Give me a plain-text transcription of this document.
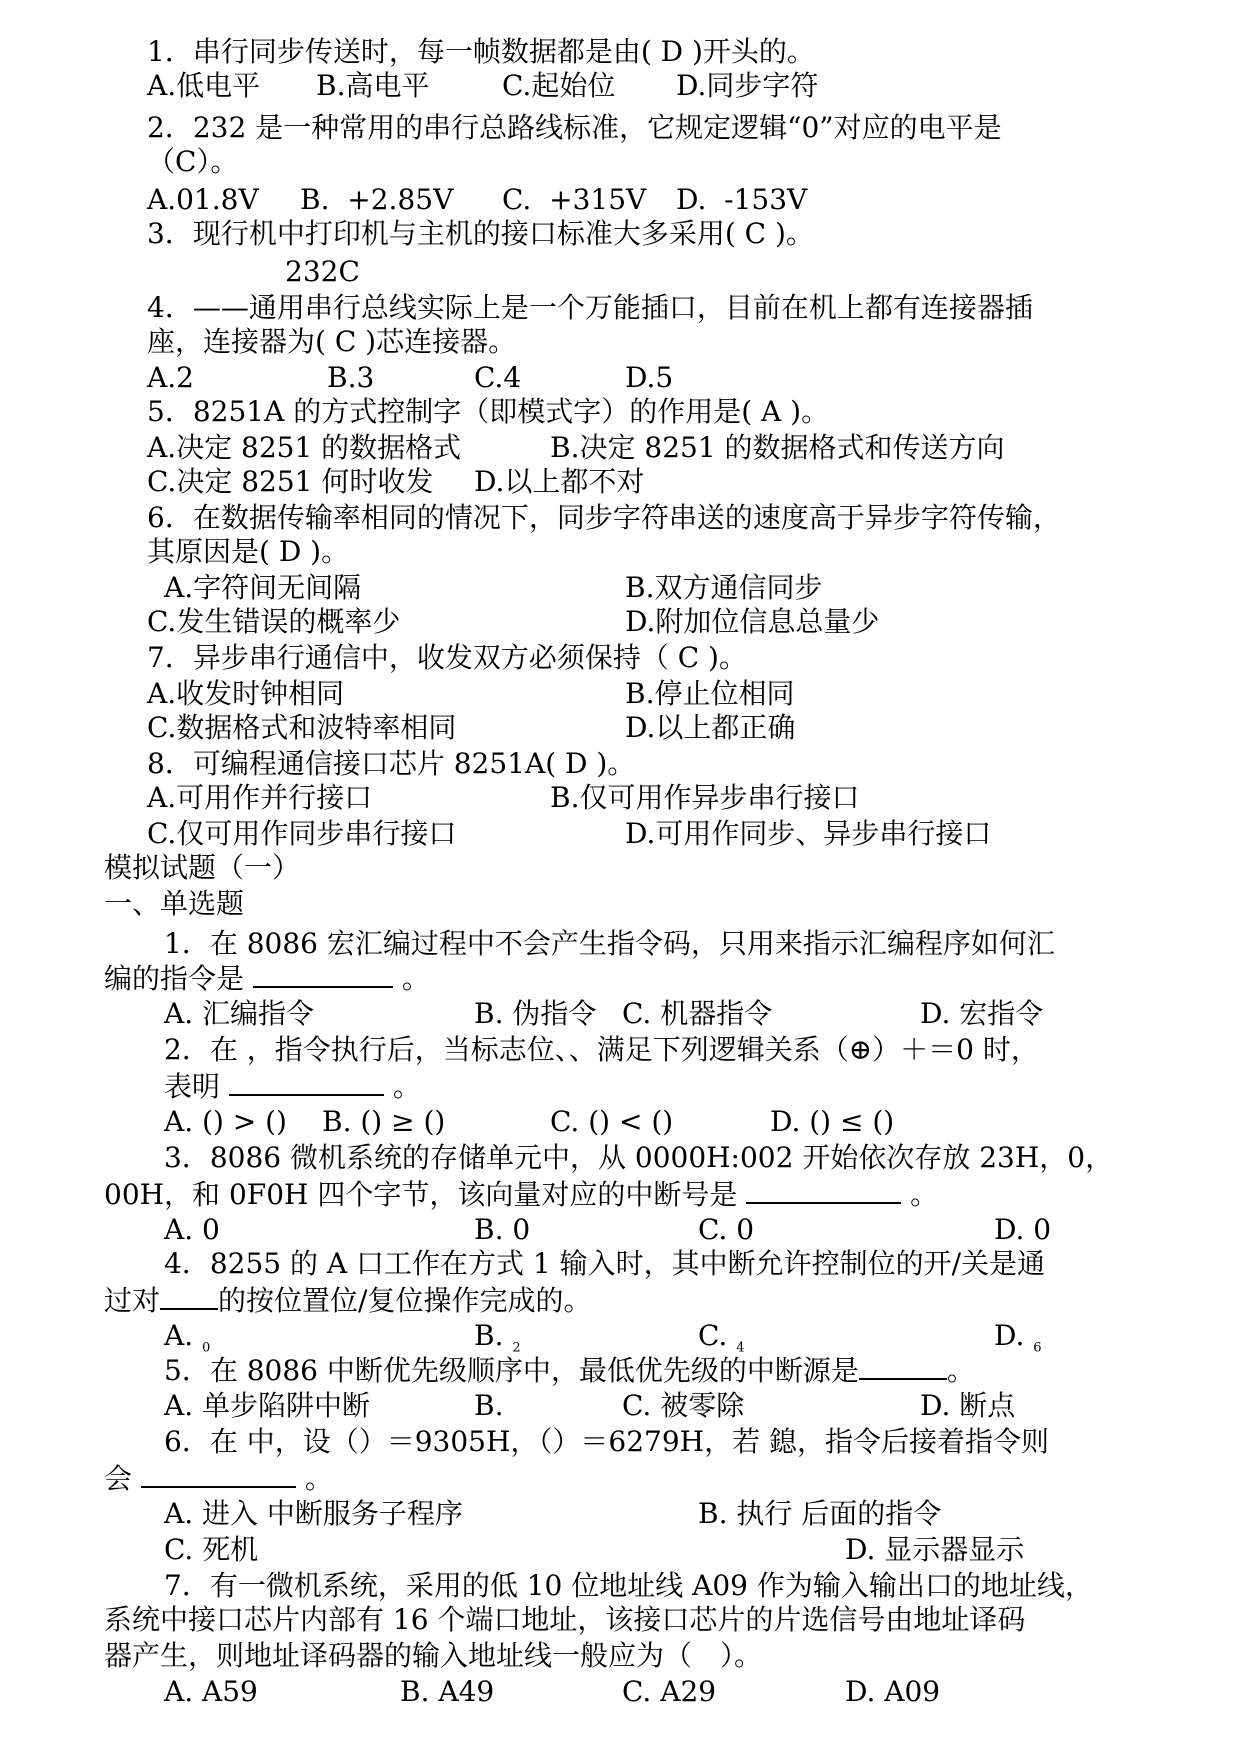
1．串行同步传送时，每一帧数据都是由( D )开头的。
A.低电平 B.高电平	C.起始位 D.同步字符
2．232 是一种常用的串行总路线标准，它规定逻辑“0”对应的电平是
（C）。
A.01.8V B.  +2.85V C.  +315V D.  -153V
3．现行机中打印机与主机的接口标准大多采用( C )。
232C
4．——通用串行总线实际上是一个万能插口，目前在机上都有连接器插
座，连接器为( C )芯连接器。
A.2	B.3	C.4	D.5
5．8251A 的方式控制字（即模式字）的作用是( A )。
A.决定 8251 的数据格式	B.决定 8251 的数据格式和传送方向
C.决定 8251 何时收发 D.以上都不对
6．在数据传输率相同的情况下，同步字符串送的速度高于异步字符传输，
其原因是( D )。
A.字符间无间隔	B.双方通信同步
C.发生错误的概率少	D.附加位信息总量少
7．异步串行通信中，收发双方必须保持（ C )。
A.收发时钟相同	B.停止位相同
C.数据格式和波特率相同	D.以上都正确
8．可编程通信接口芯片 8251A( D )。
A.可用作并行接口	B.仅可用作异步串行接口
C.仅可用作同步串行接口	D.可用作同步、异步串行接口
模拟试题（一）
一、单选题
1．在 8086 宏汇编过程中不会产生指令码，只用来指示汇编程序如何汇
编的指令是	。
A. 汇编指令	B. 伪指令 C. 机器指令	D. 宏指令
2．在 ，指令执行后，当标志位、、满足下列逻辑关系（⊕）＋＝0 时，
表明	。
A. () > () B. () ≥ ()	C. () < ()	D. () ≤ ()
3．8086 微机系统的存储单元中，从 0000H:002 开始依次存放 23H，0，
00H，和 0F0H 四个字节，该向量对应的中断号是	。
A. 0	B. 0	C. 0	D. 0
4．8255 的 A 口工作在方式 1 输入时，其中断允许控制位的开/关是通
过对 的按位置位/复位操作完成的。
A. $_0$	B. $_2$	C. $_4$	D. $_6$
5．在 8086 中断优先级顺序中，最低优先级的中断源是	。
A. 单步陷阱中断	B.	C. 被零除	D. 断点
6．在 中，设（）＝9305H，（）＝6279H，若 鎴，指令后接着指令则
会	。
A. 进入 中断服务子程序	B. 执行 后面的指令
C. 死机	D. 显示器显示
7．有一微机系统，采用的低 10 位地址线 A09 作为输入输出口的地址线，
系统中接口芯片内部有 16 个端口地址，该接口芯片的片选信号由地址译码
器产生，则地址译码器的输入地址线一般应为（　）。
A. A59	B. A49	C. A29	D. A09
